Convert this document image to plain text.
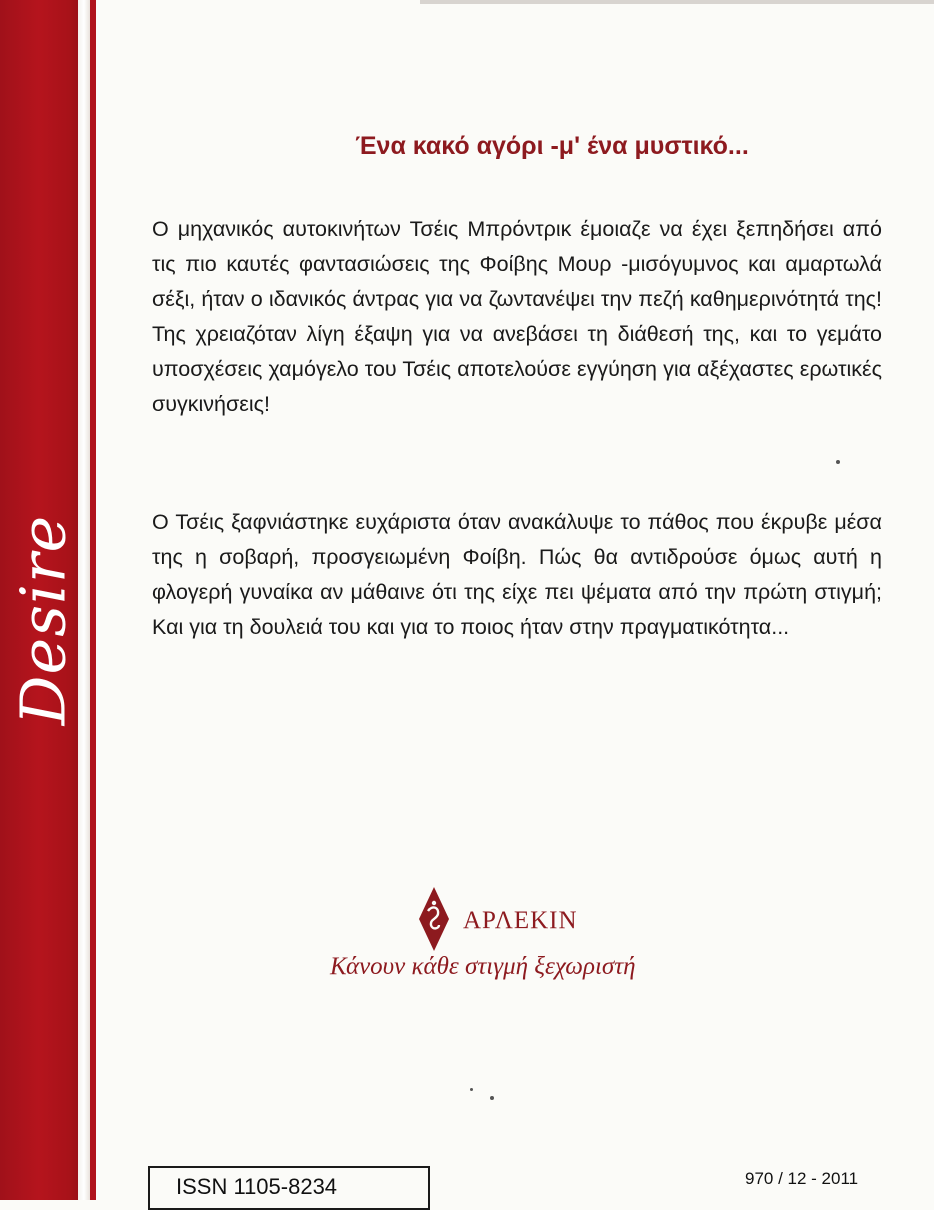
Desire
Ένα κακό αγόρι -μ' ένα μυστικό...

Ο μηχανικός αυτοκινήτων Τσέις Μπρόντρικ έμοιαζε να έχει ξεπηδήσει από τις πιο καυτές φαντασιώσεις της Φοίβης Μουρ -μισόγυμνος και αμαρτωλά σέξι, ήταν ο ιδανικός άντρας για να ζωντανέψει την πεζή καθημερινότητά της! Της χρειαζόταν λίγη έξαψη για να ανεβάσει τη διάθεσή της, και το γεμάτο υποσχέσεις χαμόγελο του Τσέις αποτελούσε εγγύηση για αξέχαστες ερωτικές συγκινήσεις!

Ο Τσέις ξαφνιάστηκε ευχάριστα όταν ανακάλυψε το πάθος που έκρυβε μέσα της η σοβαρή, προσγειωμένη Φοίβη. Πώς θα αντιδρούσε όμως αυτή η φλογερή γυναίκα αν μάθαινε ότι της είχε πει ψέματα από την πρώτη στιγμή; Και για τη δουλειά του και για το ποιος ήταν στην πραγματικότητα...

ΑΡΛΕΚΙΝ
Κάνουν κάθε στιγμή ξεχωριστή
ISSN 1105-8234	970 / 12 - 2011
